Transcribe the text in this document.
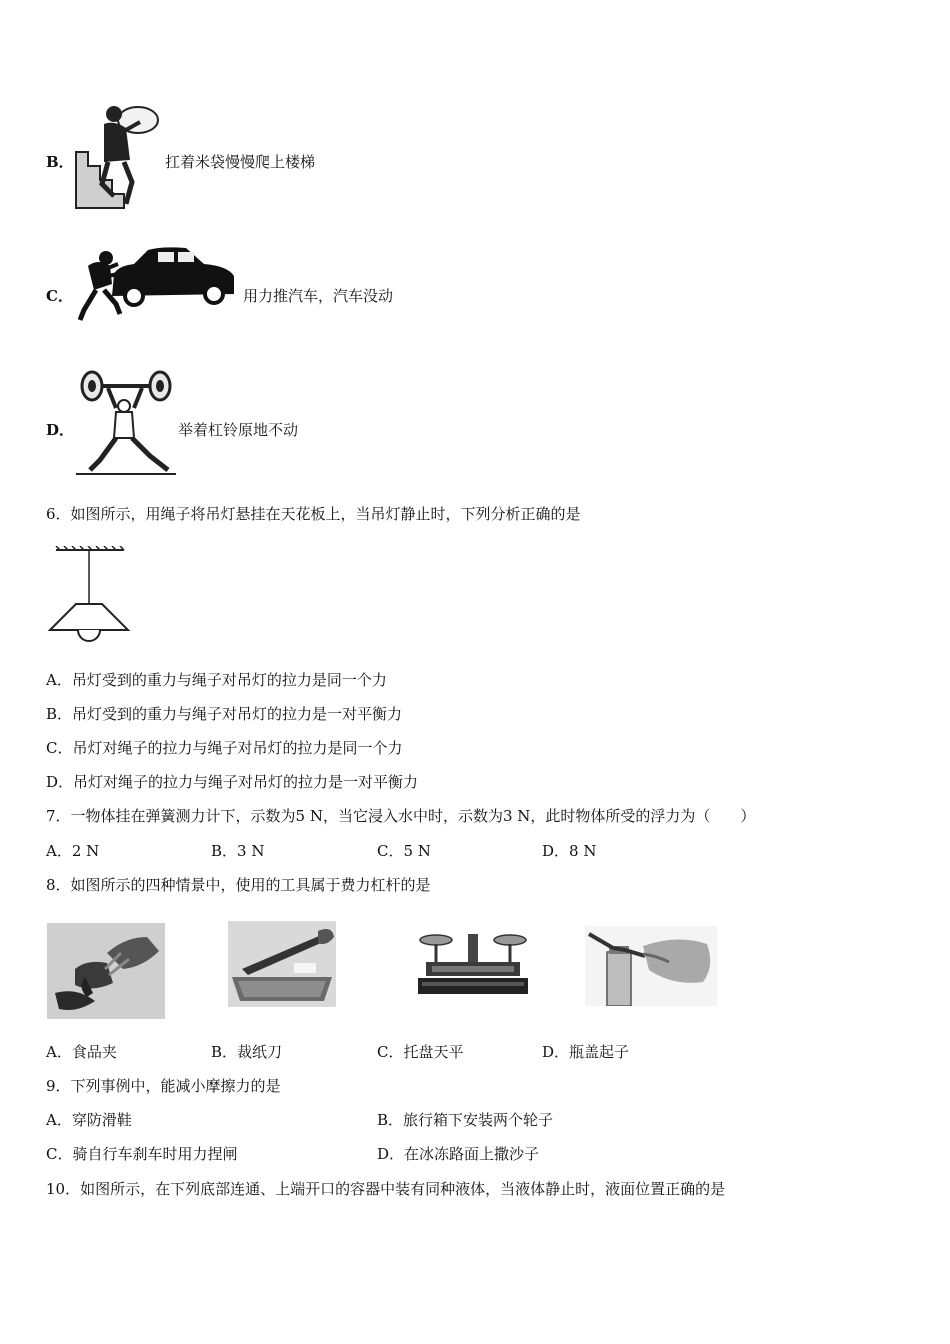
B．	扛着米袋慢慢爬上楼梯
C．	用力推汽车，汽车没动
D．	举着杠铃原地不动
6．如图所示，用绳子将吊灯悬挂在天花板上，当吊灯静止时，下列分析正确的是
A．吊灯受到的重力与绳子对吊灯的拉力是同一个力
B．吊灯受到的重力与绳子对吊灯的拉力是一对平衡力
C．吊灯对绳子的拉力与绳子对吊灯的拉力是同一个力
D．吊灯对绳子的拉力与绳子对吊灯的拉力是一对平衡力
7．一物体挂在弹簧测力计下，示数为5 N，当它浸入水中时，示数为3 N，此时物体所受的浮力为（　　）
A．2 N	B．3 N	C．5 N	D．8 N
8．如图所示的四种情景中，使用的工具属于费力杠杆的是
A．食品夹	B．裁纸刀	C．托盘天平	D．瓶盖起子
9．下列事例中，能减小摩擦力的是
A．穿防滑鞋	B．旅行箱下安装两个轮子
C．骑自行车刹车时用力捏闸	D．在冰冻路面上撒沙子
10．如图所示，在下列底部连通、上端开口的容器中装有同种液体，当液体静止时，液面位置正确的是
